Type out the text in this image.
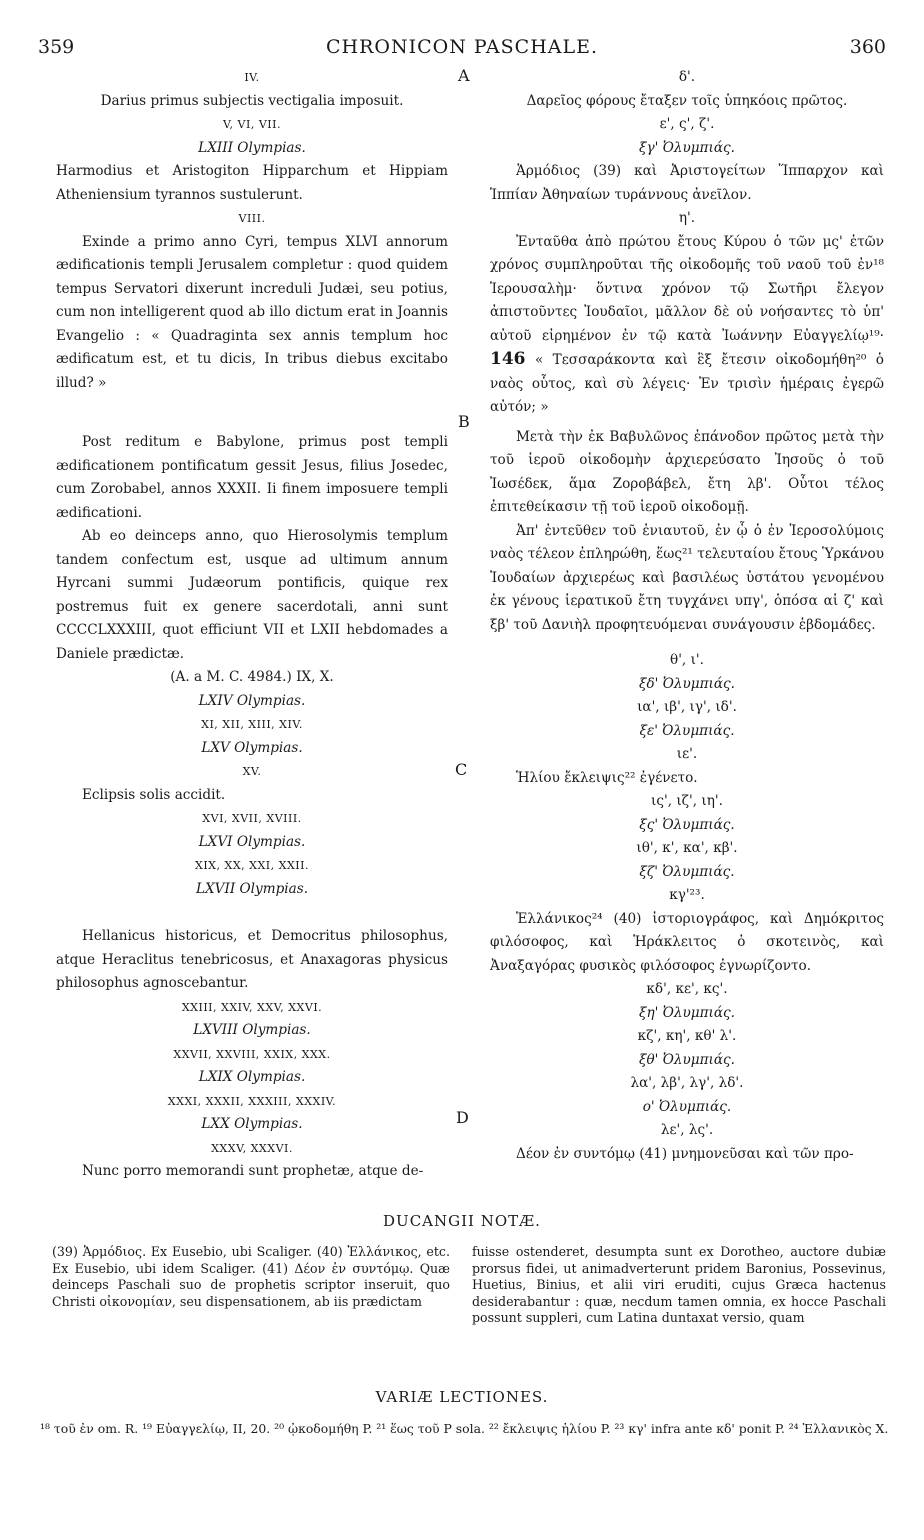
359	CHRONICON PASCHALE.	360
A
B
C
D

IV.

Darius primus subjectis vectigalia imposuit.

V, VI, VII.

LXIII Olympias.

Harmodius et Aristogiton Hipparchum et Hippiam Atheniensium tyrannos sustulerunt.

VIII.

Exinde a primo anno Cyri, tempus XLVI annorum ædificationis templi Jerusalem completur : quod quidem tempus Servatori dixerunt increduli Judæi, seu potius, cum non intelligerent quod ab illo dictum erat in Joannis Evangelio : « Quadraginta sex annis templum hoc ædificatum est, et tu dicis, In tribus diebus excitabo illud? »

Post reditum e Babylone, primus post templi ædificationem pontificatum gessit Jesus, filius Josedec, cum Zorobabel, annos XXXII. Ii finem imposuere templi ædificationi.

Ab eo deinceps anno, quo Hierosolymis templum tandem confectum est, usque ad ultimum annum Hyrcani summi Judæorum pontificis, quique rex postremus fuit ex genere sacerdotali, anni sunt CCCCLXXXIII, quot efficiunt VII et LXII hebdomades a Daniele prædictæ.

(A. a M. C. 4984.) IX, X.

LXIV Olympias.

XI, XII, XIII, XIV.

LXV Olympias.

XV.

Eclipsis solis accidit.

XVI, XVII, XVIII.

LXVI Olympias.

XIX, XX, XXI, XXII.

LXVII Olympias.

Hellanicus historicus, et Democritus philosophus, atque Heraclitus tenebricosus, et Anaxagoras physicus philosophus agnoscebantur.

XXIII, XXIV, XXV, XXVI.

LXVIII Olympias.

XXVII, XXVIII, XXIX, XXX.

LXIX Olympias.

XXXI, XXXII, XXXIII, XXXIV.

LXX Olympias.

XXXV, XXXVI.

Nunc porro memorandi sunt prophetæ, atque de-

δ'.

Δαρεῖος φόρους ἔταξεν τοῖς ὑπηκόοις πρῶτος.

ε', ς', ζ'.

ξγ' Ὀλυμπιάς.

Ἁρμόδιος (39) καὶ Ἀριστογείτων Ἵππαρχον καὶ Ἱππίαν Ἀθηναίων τυράννους ἀνεῖλον.

η'.

Ἐνταῦθα ἀπὸ πρώτου ἔτους Κύρου ὁ τῶν μς' ἐτῶν χρόνος συμπληροῦται τῆς οἰκοδομῆς τοῦ ναοῦ τοῦ ἐν¹⁸ Ἱερουσαλὴμ· ὅντινα χρόνον τῷ Σωτῆρι ἔλεγον ἀπιστοῦντες Ἰουδαῖοι, μᾶλλον δὲ οὐ νοήσαντες τὸ ὑπ' αὐτοῦ εἰρημένον ἐν τῷ κατὰ Ἰωάννην Εὐαγγελίῳ¹⁹· 146 « Τεσσαράκοντα καὶ ἓξ ἔτεσιν οἰκοδομήθη²⁰ ὁ ναὸς οὗτος, καὶ σὺ λέγεις· Ἐν τρισὶν ἡμέραις ἐγερῶ αὐτόν; »

Μετὰ τὴν ἐκ Βαβυλῶνος ἐπάνοδον πρῶτος μετὰ τὴν τοῦ ἱεροῦ οἰκοδομὴν ἀρχιερεύσατο Ἰησοῦς ὁ τοῦ Ἰωσέδεκ, ἅμα Ζοροβάβελ, ἔτη λβ'. Οὗτοι τέλος ἐπιτεθείκασιν τῇ τοῦ ἱεροῦ οἰκοδομῇ.

Ἀπ' ἐντεῦθεν τοῦ ἐνιαυτοῦ, ἐν ᾧ ὁ ἐν Ἱεροσολύμοις ναὸς τέλεον ἐπληρώθη, ἕως²¹ τελευταίου ἔτους Ὑρκάνου Ἰουδαίων ἀρχιερέως καὶ βασιλέως ὑστάτου γενομένου ἐκ γένους ἱερατικοῦ ἔτη τυγχάνει υπγ', ὁπόσα αἱ ζ' καὶ ξβ' τοῦ Δανιὴλ προφητευόμεναι συνάγουσιν ἑβδομάδες.

θ', ι'.

ξδ' Ὀλυμπιάς.

ια', ιβ', ιγ', ιδ'.

ξε' Ὀλυμπιάς.

ιε'.

Ἡλίου ἔκλειψις²² ἐγένετο.

ις', ιζ', ιη'.

ξς' Ὀλυμπιάς.

ιθ', κ', κα', κβ'.

ξζ' Ὀλυμπιάς.

κγ'²³.

Ἑλλάνικος²⁴ (40) ἱστοριογράφος, καὶ Δημόκριτος φιλόσοφος, καὶ Ἡράκλειτος ὁ σκοτεινὸς, καὶ Ἀναξαγόρας φυσικὸς φιλόσοφος ἐγνωρίζοντο.

κδ', κε', κς'.

ξη' Ὀλυμπιάς.

κζ', κη', κθ' λ'.

ξθ' Ὀλυμπιάς.

λα', λβ', λγ', λδ'.

ο' Ὀλυμπιάς.

λε', λς'.

Δέον ἐν συντόμῳ (41) μνημονεῦσαι καὶ τῶν προ-

DUCANGII NOTÆ.
(39) Ἁρμόδιος. Ex Eusebio, ubi Scaliger. (40) Ἑλλάνικος, etc. Ex Eusebio, ubi idem Scaliger. (41) Δέον ἐν συντόμῳ. Quæ deinceps Paschali suo de prophetis scriptor inseruit, quo Christi οἰκονομίαν, seu dispensationem, ab iis prædictam
fuisse ostenderet, desumpta sunt ex Dorotheo, auctore dubiæ prorsus fidei, ut animadverterunt pridem Baronius, Possevinus, Huetius, Binius, et alii viri eruditi, cujus Græca hactenus desiderabantur : quæ, necdum tamen omnia, ex hocce Paschali possunt suppleri, cum Latina duntaxat versio, quam
VARIÆ LECTIONES.
¹⁸ τοῦ ἐν om. R. ¹⁹ Εὐαγγελίῳ, II, 20. ²⁰ ᾠκοδομήθη P. ²¹ ἕως τοῦ P sola. ²² ἔκλειψις ἡλίου P. ²³ κγ' infra ante κδ' ponit P. ²⁴ Ἑλλανικὸς X.
